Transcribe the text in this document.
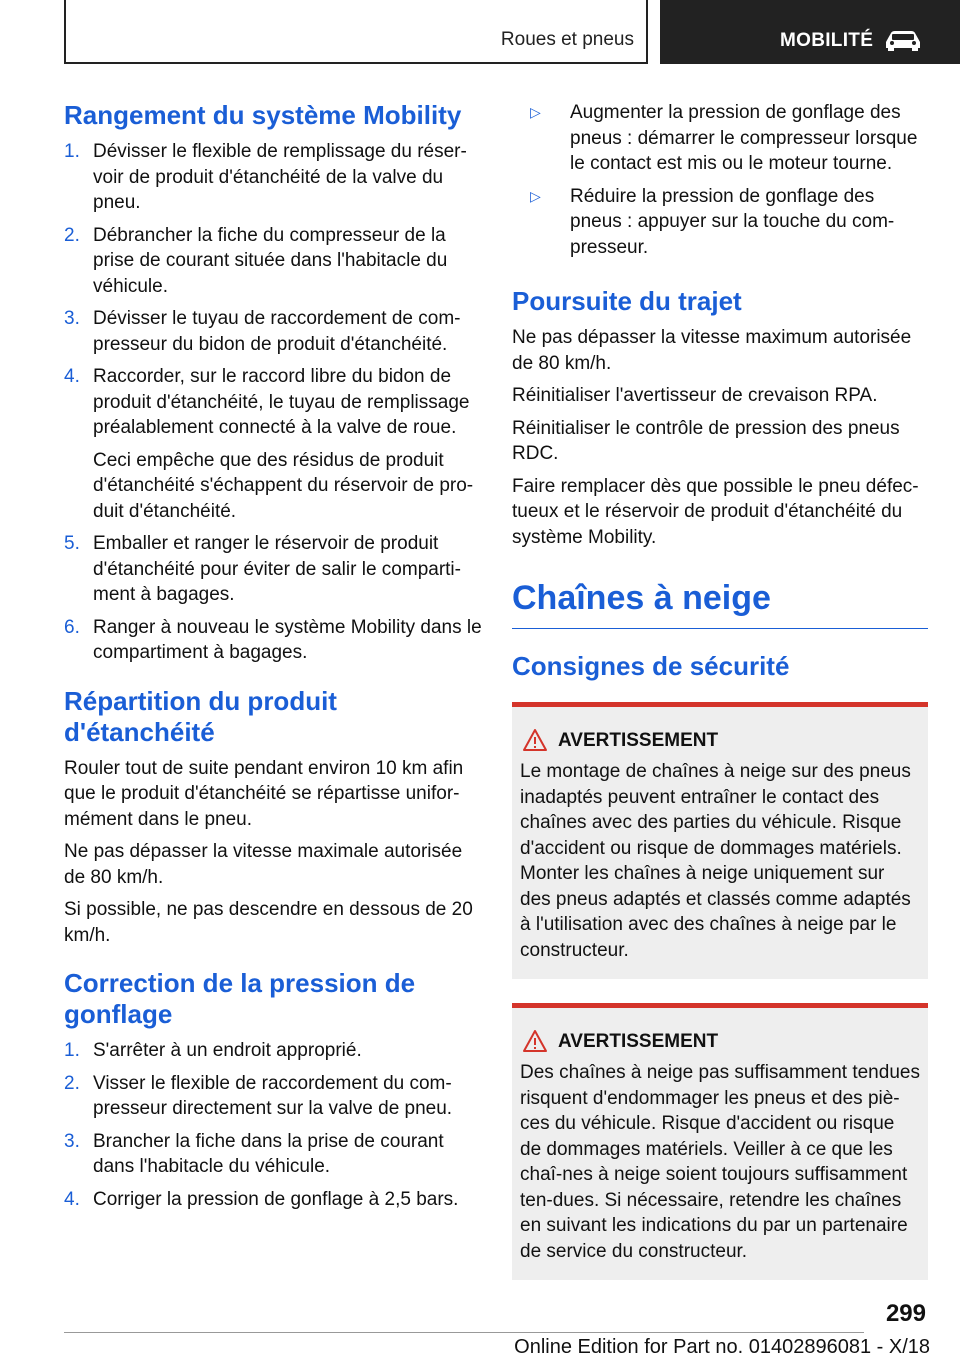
Roues et pneus	MOBILITÉ
Rangement du système Mobility
1. Dévisser le flexible de remplissage du réser-voir de produit d'étanchéité de la valve du pneu.
2. Débrancher la fiche du compresseur de la prise de courant située dans l'habitacle du véhicule.
3. Dévisser le tuyau de raccordement de com-presseur du bidon de produit d'étanchéité.
4. Raccorder, sur le raccord libre du bidon de produit d'étanchéité, le tuyau de remplissage préalablement connecté à la valve de roue.
Ceci empêche que des résidus de produit d'étanchéité s'échappent du réservoir de pro-duit d'étanchéité.
5. Emballer et ranger le réservoir de produit d'étanchéité pour éviter de salir le comparti-ment à bagages.
6. Ranger à nouveau le système Mobility dans le compartiment à bagages.
Répartition du produit d'étanchéité

Rouler tout de suite pendant environ 10 km afin que le produit d'étanchéité se répartisse unifor-mément dans le pneu.

Ne pas dépasser la vitesse maximale autorisée de 80 km/h.

Si possible, ne pas descendre en dessous de 20 km/h.

Correction de la pression de gonflage
1. S'arrêter à un endroit approprié.
2. Visser le flexible de raccordement du com-presseur directement sur la valve de pneu.
3. Brancher la fiche dans la prise de courant dans l'habitacle du véhicule.
4. Corriger la pression de gonflage à 2,5 bars.
▷ Augmenter la pression de gonflage des pneus : démarrer le compresseur lorsque le contact est mis ou le moteur tourne.
▷ Réduire la pression de gonflage des pneus : appuyer sur la touche du com-presseur.
Poursuite du trajet

Ne pas dépasser la vitesse maximum autorisée de 80 km/h.

Réinitialiser l'avertisseur de crevaison RPA.

Réinitialiser le contrôle de pression des pneus RDC.

Faire remplacer dès que possible le pneu défec-tueux et le réservoir de produit d'étanchéité du système Mobility.

Chaînes à neige
Consignes de sécurité
AVERTISSEMENT

Le montage de chaînes à neige sur des pneus inadaptés peuvent entraîner le contact des chaînes avec des parties du véhicule. Risque d'accident ou risque de dommages matériels. Monter les chaînes à neige uniquement sur des pneus adaptés et classés comme adaptés à l'utilisation avec des chaînes à neige par le constructeur.

AVERTISSEMENT

Des chaînes à neige pas suffisamment tendues risquent d'endommager les pneus et des piè-ces du véhicule. Risque d'accident ou risque de dommages matériels. Veiller à ce que les chaî-nes à neige soient toujours suffisamment ten-dues. Si nécessaire, retendre les chaînes en suivant les indications du par un partenaire de service du constructeur.

299
Online Edition for Part no. 01402896081 - X/18
